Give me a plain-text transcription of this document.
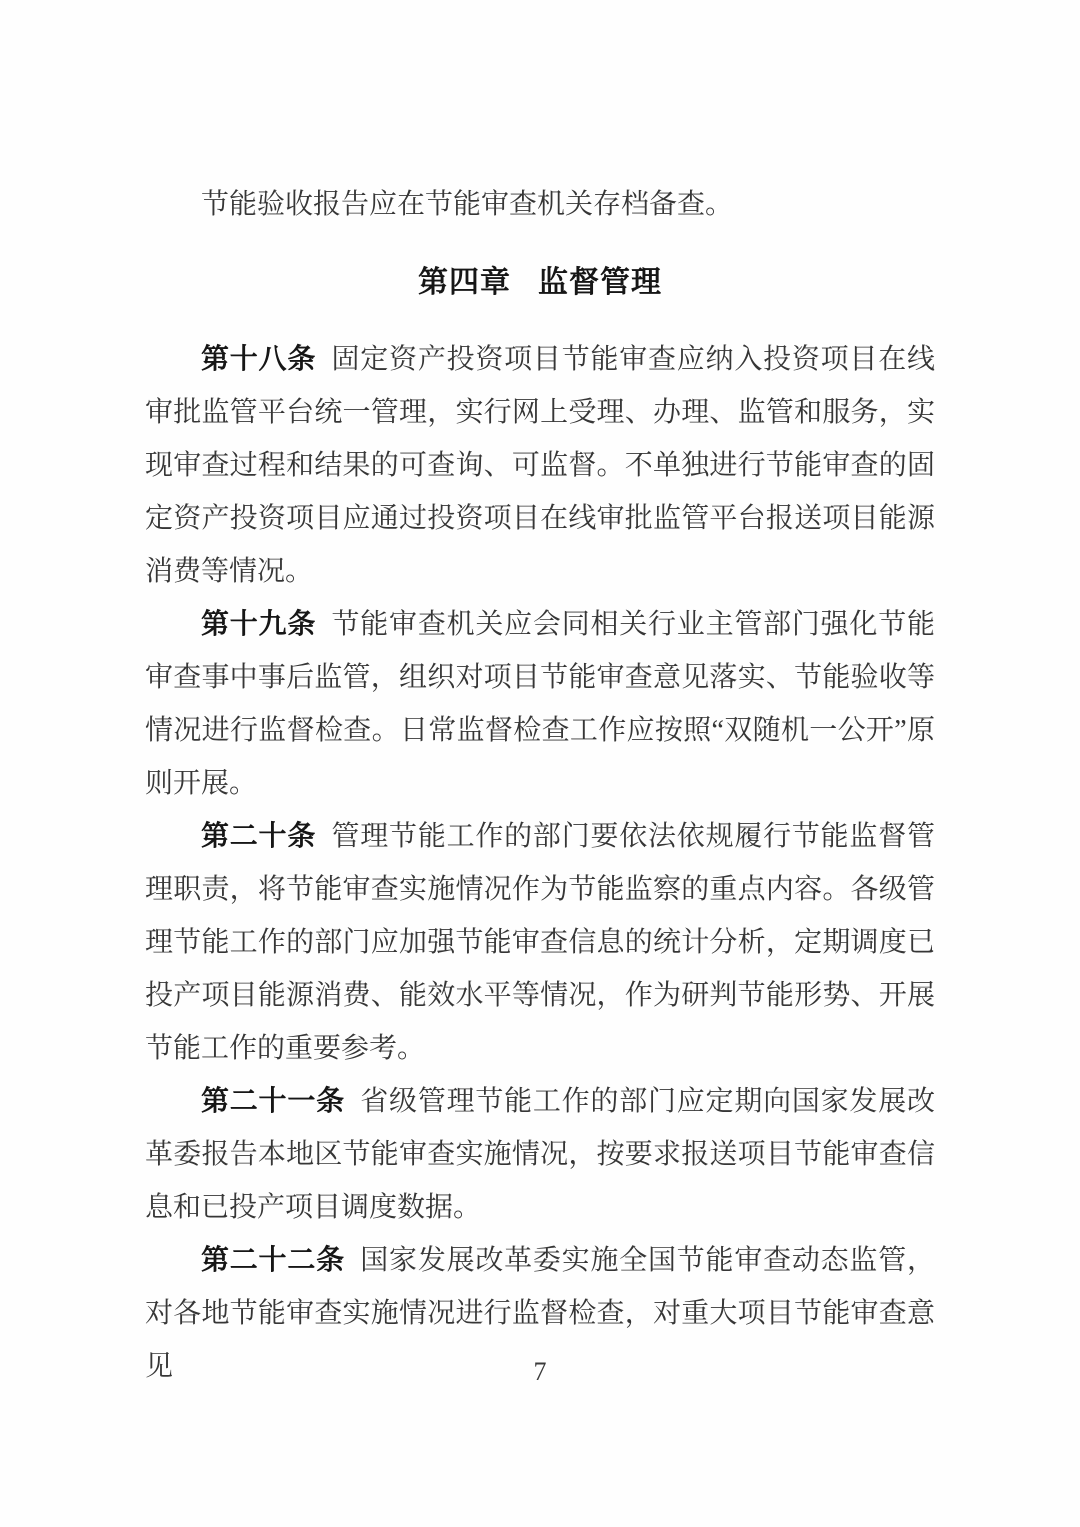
节能验收报告应在节能审查机关存档备查。

第四章 监督管理

第十八条 固定资产投资项目节能审查应纳入投资项目在线审批监管平台统一管理，实行网上受理、办理、监管和服务，实现审查过程和结果的可查询、可监督。不单独进行节能审查的固定资产投资项目应通过投资项目在线审批监管平台报送项目能源消费等情况。

第十九条 节能审查机关应会同相关行业主管部门强化节能审查事中事后监管，组织对项目节能审查意见落实、节能验收等情况进行监督检查。日常监督检查工作应按照“双随机一公开”原则开展。

第二十条 管理节能工作的部门要依法依规履行节能监督管理职责，将节能审查实施情况作为节能监察的重点内容。各级管理节能工作的部门应加强节能审查信息的统计分析，定期调度已投产项目能源消费、能效水平等情况，作为研判节能形势、开展节能工作的重要参考。

第二十一条 省级管理节能工作的部门应定期向国家发展改革委报告本地区节能审查实施情况，按要求报送项目节能审查信息和已投产项目调度数据。

第二十二条 国家发展改革委实施全国节能审查动态监管，对各地节能审查实施情况进行监督检查，对重大项目节能审查意见	7
